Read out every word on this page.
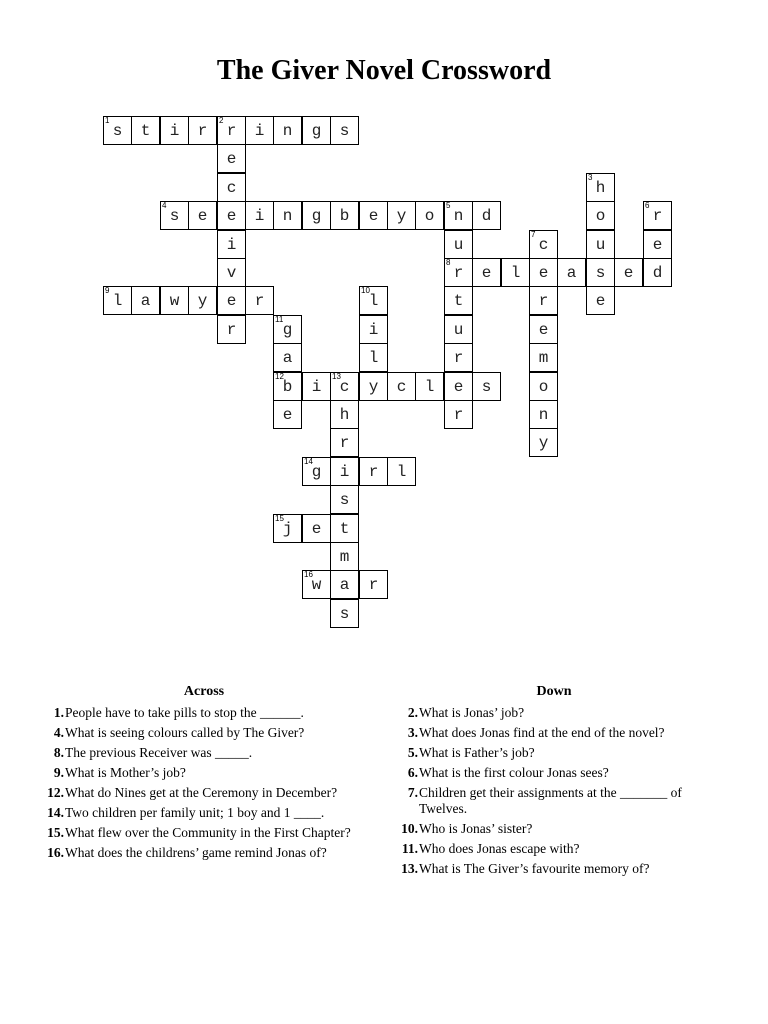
The Giver Novel Crossword
1
s t i r
2
r i n g s
e
c
3
h
4
s e e i n g b e y o
5
n d	o
6
r
i	u
7
c	u	e
v
8
r e l e a s e d
9
l a w y e r
10
l	t	r	e
r
11
g	i	u	e
a	l	r	m
12
b i
13
c y c l e s	o
e	h	r	n
r	y
14
g i r l
s
15
j e t
m
16
w a r
s
Across
1. People have to take pills to stop the ______.
4. What is seeing colours called by The Giver?
8. The previous Receiver was _____.
9. What is Mother’s job?
12. What do Nines get at the Ceremony in December?
14. Two children per family unit; 1 boy and 1 ____.
15. What flew over the Community in the First Chapter?
16. What does the childrens’ game remind Jonas of?
Down
2. What is Jonas’ job?
3. What does Jonas find at the end of the novel?
5. What is Father’s job?
6. What is the first colour Jonas sees?
7. Children get their assignments at the _______ of Twelves.
10. Who is Jonas’ sister?
11. Who does Jonas escape with?
13. What is The Giver’s favourite memory of?
